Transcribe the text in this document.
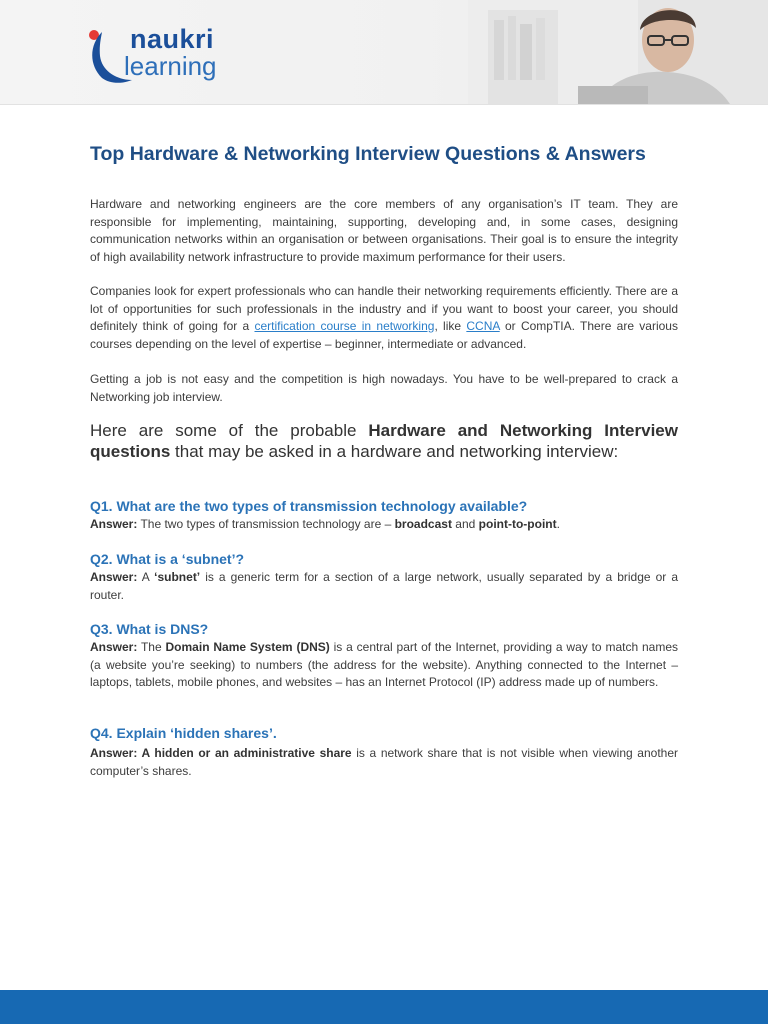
naukri
learning
Top Hardware & Networking Interview Questions & Answers
Hardware and networking engineers are the core members of any organisation’s IT team. They are responsible for implementing, maintaining, supporting, developing and, in some cases, designing communication networks within an organisation or between organisations. Their goal is to ensure the integrity of high availability network infrastructure to provide maximum performance for their users.
Companies look for expert professionals who can handle their networking requirements efficiently. There are a lot of opportunities for such professionals in the industry and if you want to boost your career, you should definitely think of going for a certification course in networking, like CCNA or CompTIA. There are various courses depending on the level of expertise – beginner, intermediate or advanced.
Getting a job is not easy and the competition is high nowadays. You have to be well-prepared to crack a Networking job interview.
Here are some of the probable Hardware and Networking Interview questions that may be asked in a hardware and networking interview:
Q1. What are the two types of transmission technology available?
Answer: The two types of transmission technology are – broadcast and point-to-point.
Q2. What is a ‘subnet’?
Answer: A ‘subnet’ is a generic term for a section of a large network, usually separated by a bridge or a router.
Q3. What is DNS?
Answer: The Domain Name System (DNS) is a central part of the Internet, providing a way to match names (a website you’re seeking) to numbers (the address for the website). Anything connected to the Internet – laptops, tablets, mobile phones, and websites – has an Internet Protocol (IP) address made up of numbers.
Q4. Explain ‘hidden shares’.
Answer: A hidden or an administrative share is a network share that is not visible when viewing another computer’s shares.
